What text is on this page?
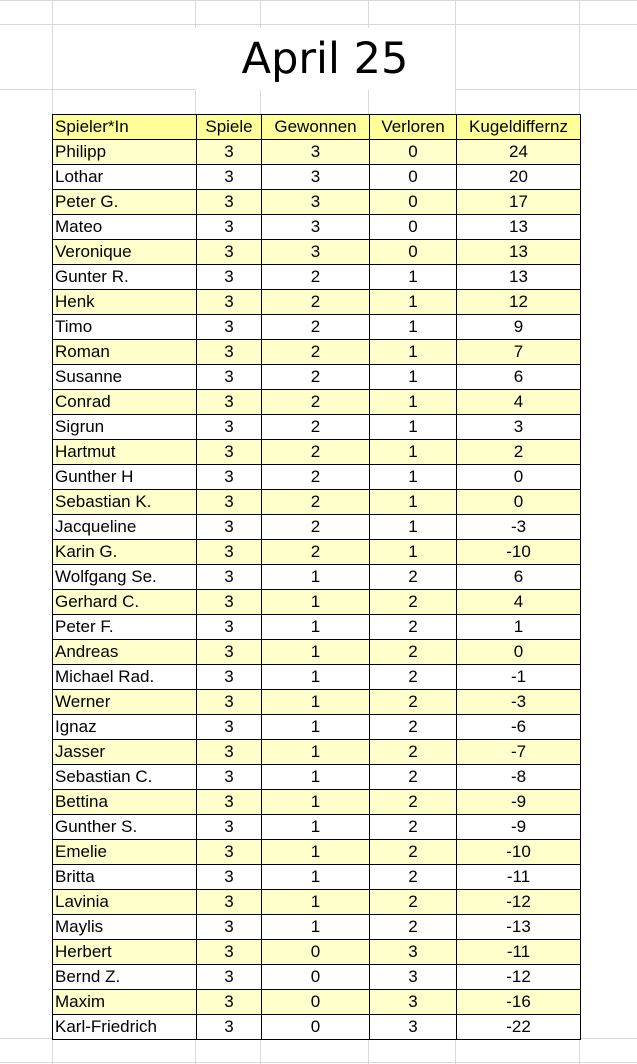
April 25
Spieler*In	Spiele	Gewonnen	Verloren	Kugeldiffernz
Philipp	3	3	0	24
Lothar	3	3	0	20
Peter G.	3	3	0	17
Mateo	3	3	0	13
Veronique	3	3	0	13
Gunter R.	3	2	1	13
Henk	3	2	1	12
Timo	3	2	1	9
Roman	3	2	1	7
Susanne	3	2	1	6
Conrad	3	2	1	4
Sigrun	3	2	1	3
Hartmut	3	2	1	2
Gunther H	3	2	1	0
Sebastian K.	3	2	1	0
Jacqueline	3	2	1	-3
Karin G.	3	2	1	-10
Wolfgang Se.	3	1	2	6
Gerhard C.	3	1	2	4
Peter F.	3	1	2	1
Andreas	3	1	2	0
Michael Rad.	3	1	2	-1
Werner	3	1	2	-3
Ignaz	3	1	2	-6
Jasser	3	1	2	-7
Sebastian C.	3	1	2	-8
Bettina	3	1	2	-9
Gunther S.	3	1	2	-9
Emelie	3	1	2	-10
Britta	3	1	2	-11
Lavinia	3	1	2	-12
Maylis	3	1	2	-13
Herbert	3	0	3	-11
Bernd Z.	3	0	3	-12
Maxim	3	0	3	-16
Karl-Friedrich	3	0	3	-22
